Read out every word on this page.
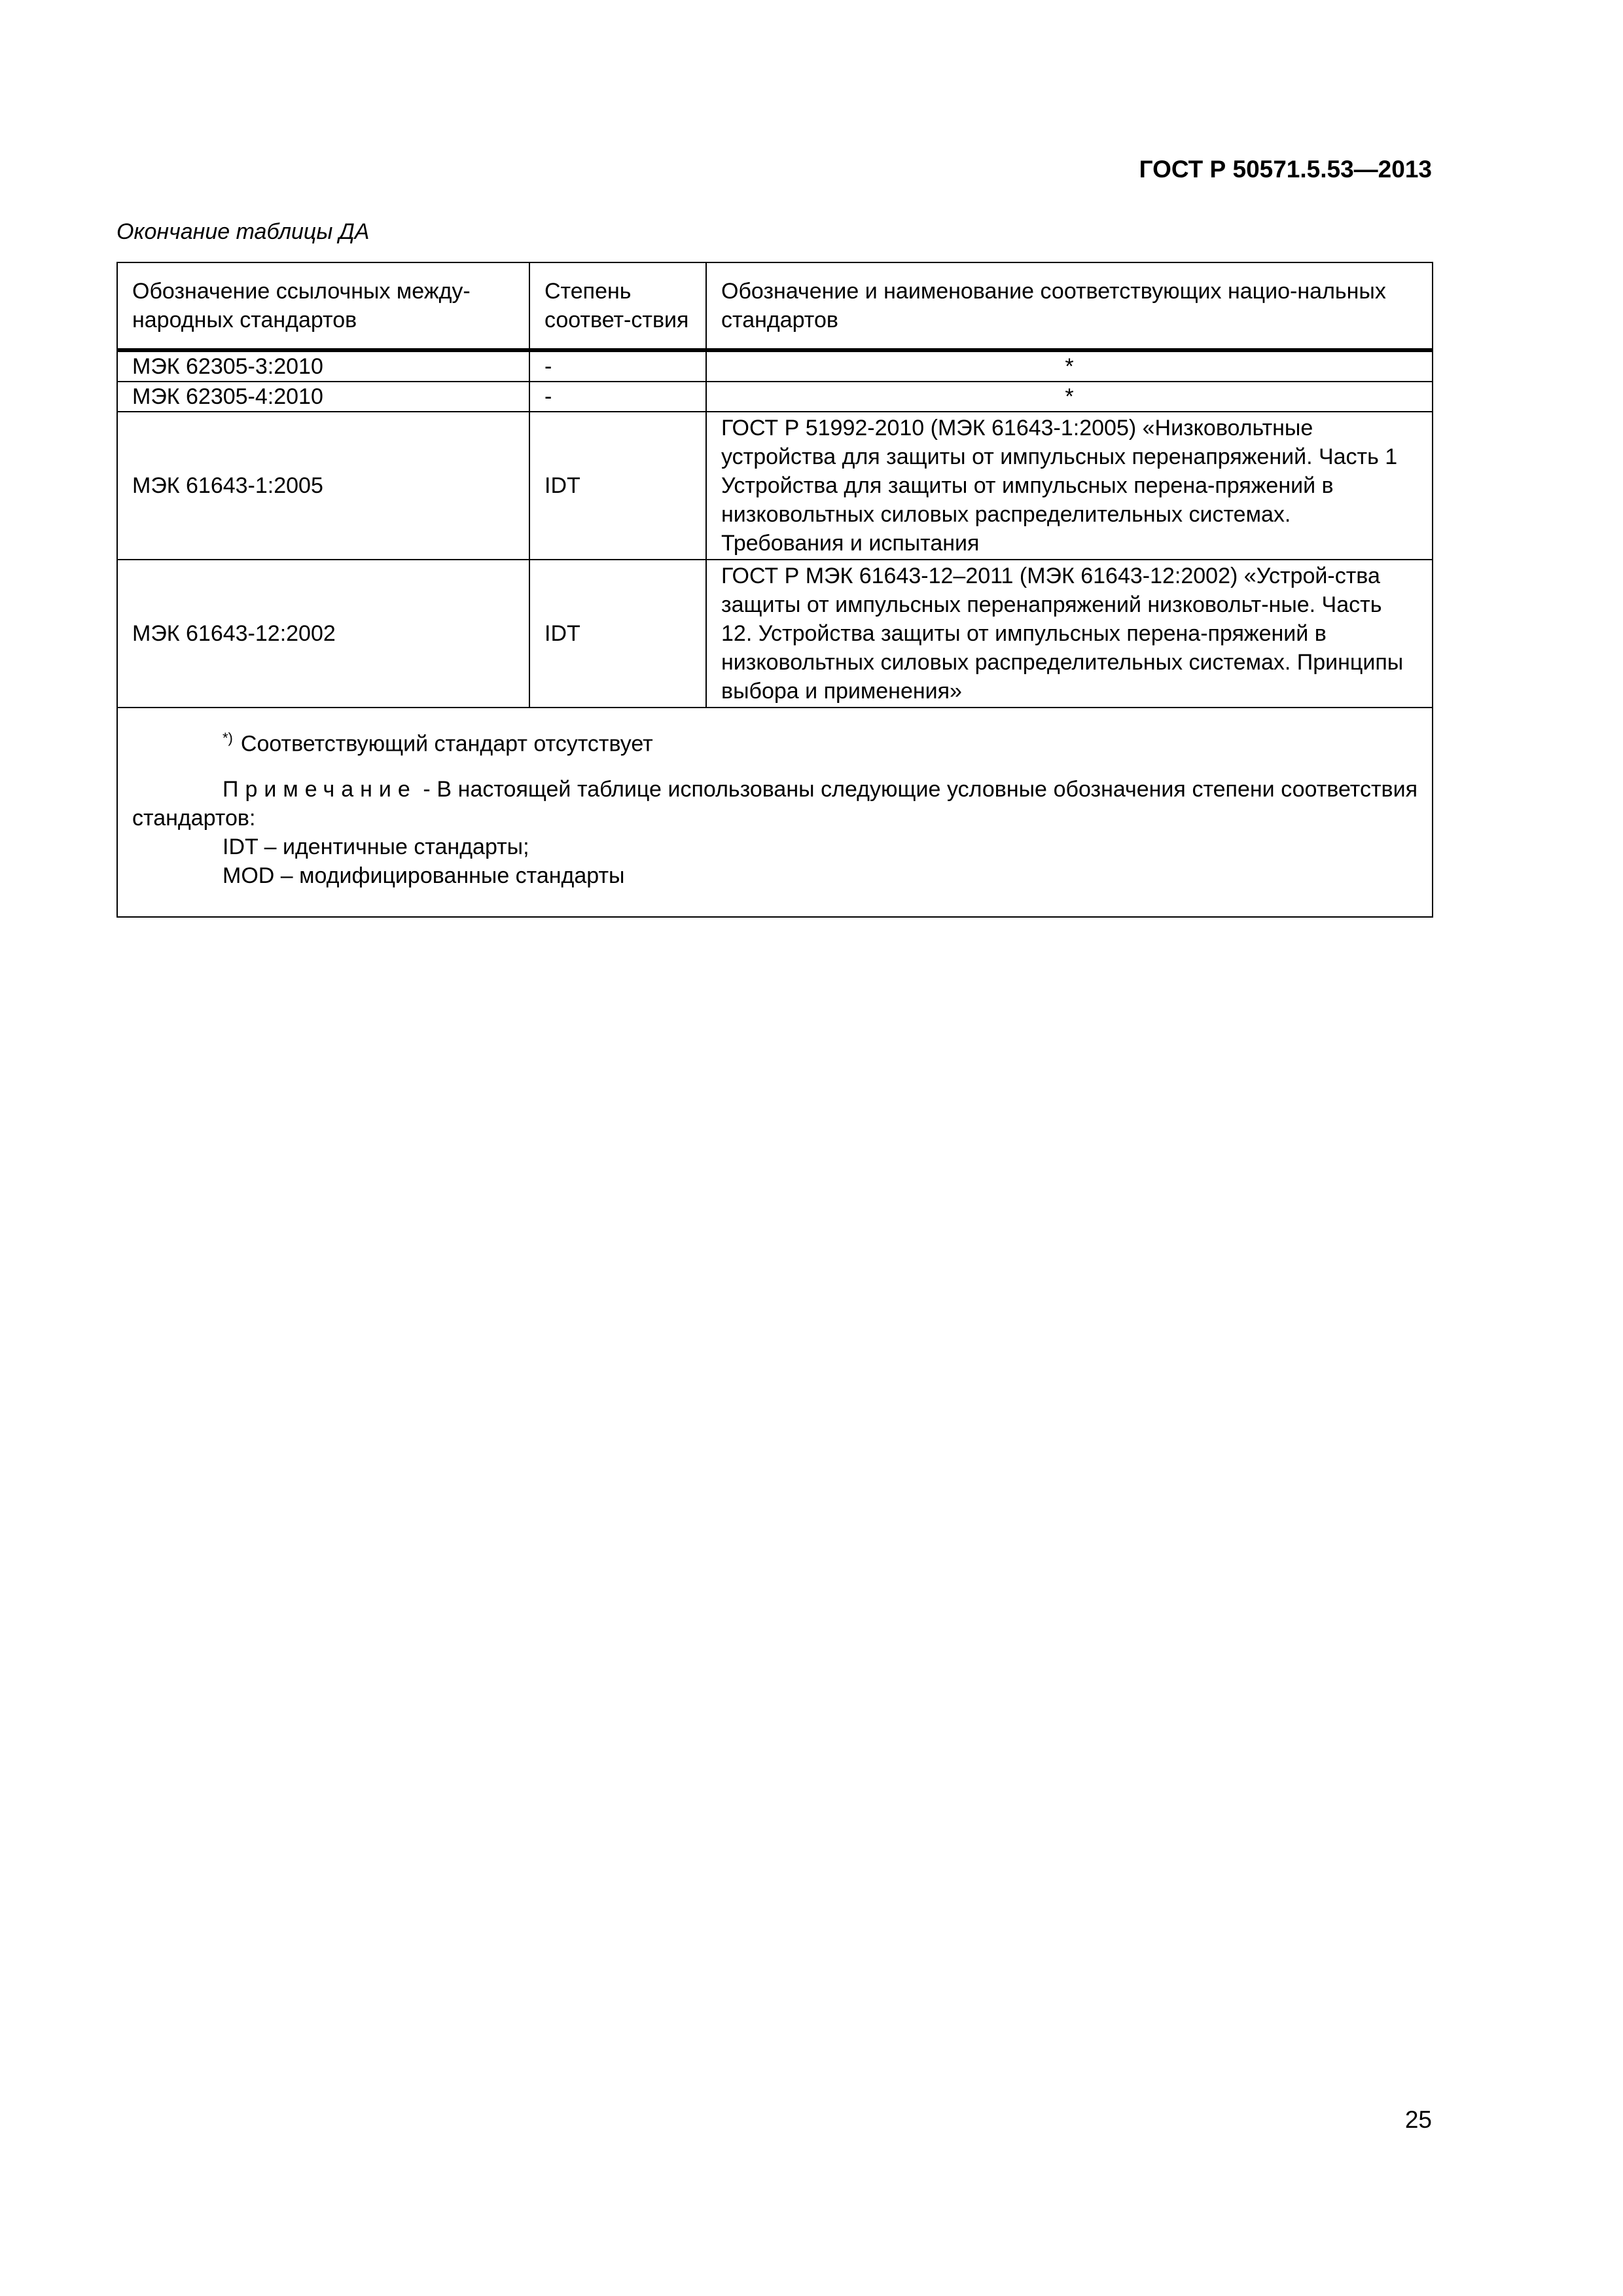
ГОСТ Р 50571.5.53—2013

Окончание таблицы ДА

Обозначение ссылочных между-народных стандартов	Степень соответ-ствия	Обозначение и наименование соответствующих нацио-нальных стандартов
МЭК 62305-3:2010	-	*
МЭК 62305-4:2010	-	*
МЭК 61643-1:2005	IDT	ГОСТ Р 51992-2010 (МЭК 61643-1:2005) «Низковольтные устройства для защиты от импульсных перенапряжений. Часть 1 Устройства для защиты от импульсных перена-пряжений в низковольтных силовых распределительных системах. Требования и испытания
МЭК 61643-12:2002	IDT	ГОСТ Р МЭК 61643-12–2011 (МЭК 61643-12:2002) «Устрой-ства защиты от импульсных перенапряжений низковольт-ные. Часть 12. Устройства защиты от импульсных перена-пряжений в низковольтных силовых распределительных системах. Принципы выбора и применения»

*) Соответствующий стандарт отсутствует

Примечание - В настоящей таблице использованы следующие условные обозначения степени соответствия стандартов:

IDT – идентичные стандарты;

MOD – модифицированные стандарты		

25
